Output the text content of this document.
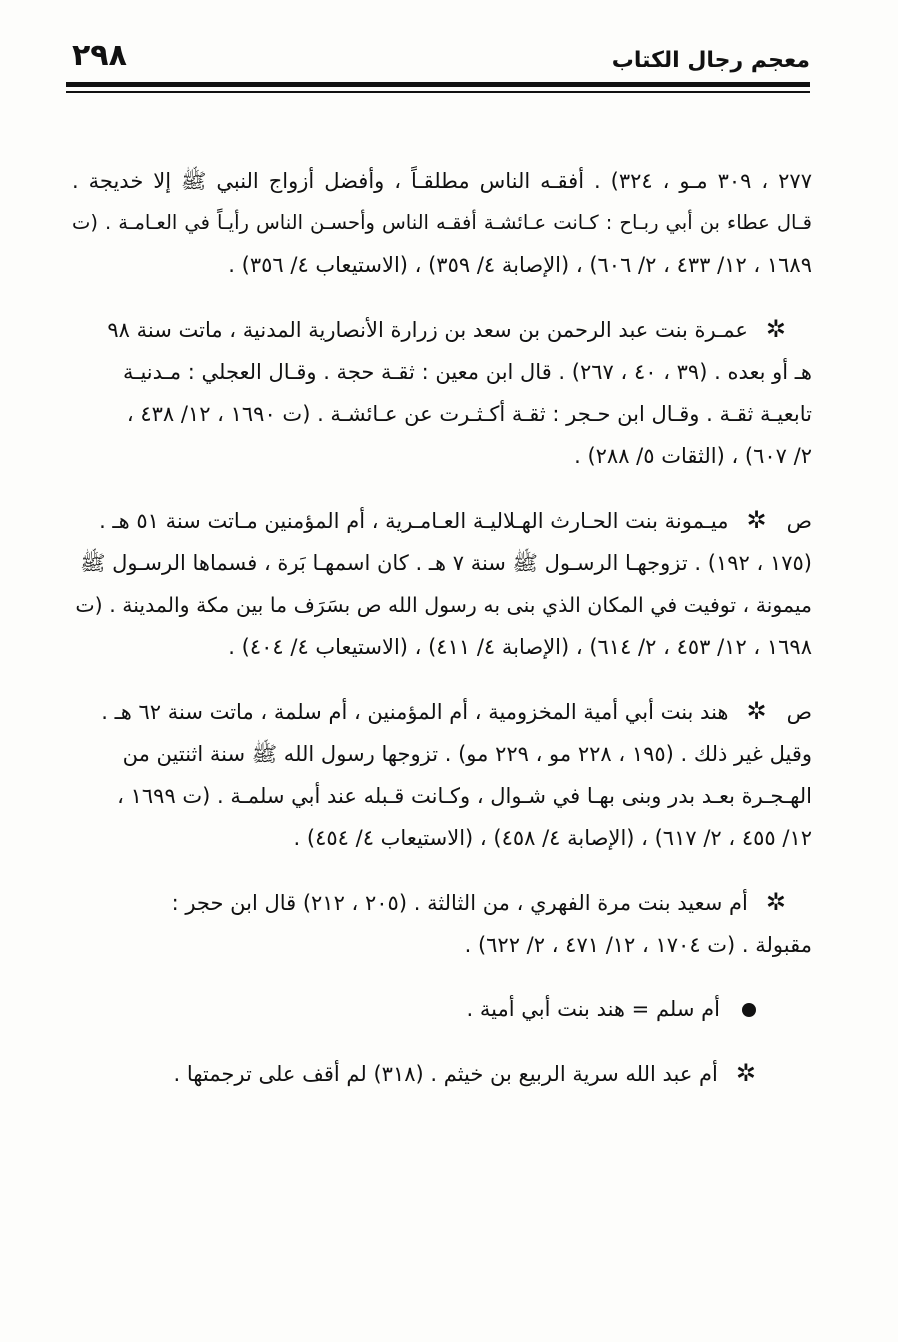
معجم رجال الكتاب
٢٩٨
٢٧٧ ، ٣٠٩ مـو ، ٣٢٤) . أفقـه الناس مطلقـاً ، وأفضل أزواج النبي ﷺ إلا خديجة .
قـال عطاء بن أبي ربـاح : كـانت عـائشـة أفقـه الناس وأحسـن الناس رأيـاً في العـامـة . (ت
١٦٨٩ ، ١٢/ ٤٣٣ ، ٢/ ٦٠٦) ، (الإصابة ٤/ ٣٥٩) ، (الاستيعاب ٤/ ٣٥٦) .
✲عمـرة بنت عبد الرحمن بن سعد بن زرارة الأنصارية المدنية ، ماتت سنة ٩٨
هـ أو بعده . (٣٩ ، ٤٠ ، ٢٦٧) . قال ابن معين : ثقـة حجة . وقـال العجلي : مـدنيـة
تابعيـة ثقـة . وقـال ابن حـجر : ثقـة أكـثـرت عن عـائشـة . (ت ١٦٩٠ ، ١٢/ ٤٣٨ ،
٢/ ٦٠٧) ، (الثقات ٥/ ٢٨٨) .
ص✲ميـمونة بنت الحـارث الهـلاليـة العـامـرية ، أم المؤمنين مـاتت سنة ٥١ هـ .
(١٧٥ ، ١٩٢) . تزوجهـا الرسـول ﷺ سنة ٧ هـ . كان اسمهـا بَرة ، فسماها الرسـول ﷺ
ميمونة ، توفيت في المكان الذي بنى به رسول الله ص بسَرَف ما بين مكة والمدينة . (ت
١٦٩٨ ، ١٢/ ٤٥٣ ، ٢/ ٦١٤) ، (الإصابة ٤/ ٤١١) ، (الاستيعاب ٤/ ٤٠٤) .
ص✲هند بنت أبي أمية المخزومية ، أم المؤمنين ، أم سلمة ، ماتت سنة ٦٢ هـ .
وقيل غير ذلك . (١٩٥ ، ٢٢٨ مو ، ٢٢٩ مو) . تزوجها رسول الله ﷺ سنة اثنتين من
الهـجـرة بعـد بدر وبنى بهـا في شـوال ، وكـانت قـبله عند أبي سلمـة . (ت ١٦٩٩ ،
١٢/ ٤٥٥ ، ٢/ ٦١٧) ، (الإصابة ٤/ ٤٥٨) ، (الاستيعاب ٤/ ٤٥٤) .
✲أم سعيد بنت مرة الفهري ، من الثالثة . (٢٠٥ ، ٢١٢) قال ابن حجر :
مقبولة . (ت ١٧٠٤ ، ١٢/ ٤٧١ ، ٢/ ٦٢٢) .
أم سلم = هند بنت أبي أمية .
✲أم عبد الله سرية الربيع بن خيثم . (٣١٨) لم أقف على ترجمتها .
